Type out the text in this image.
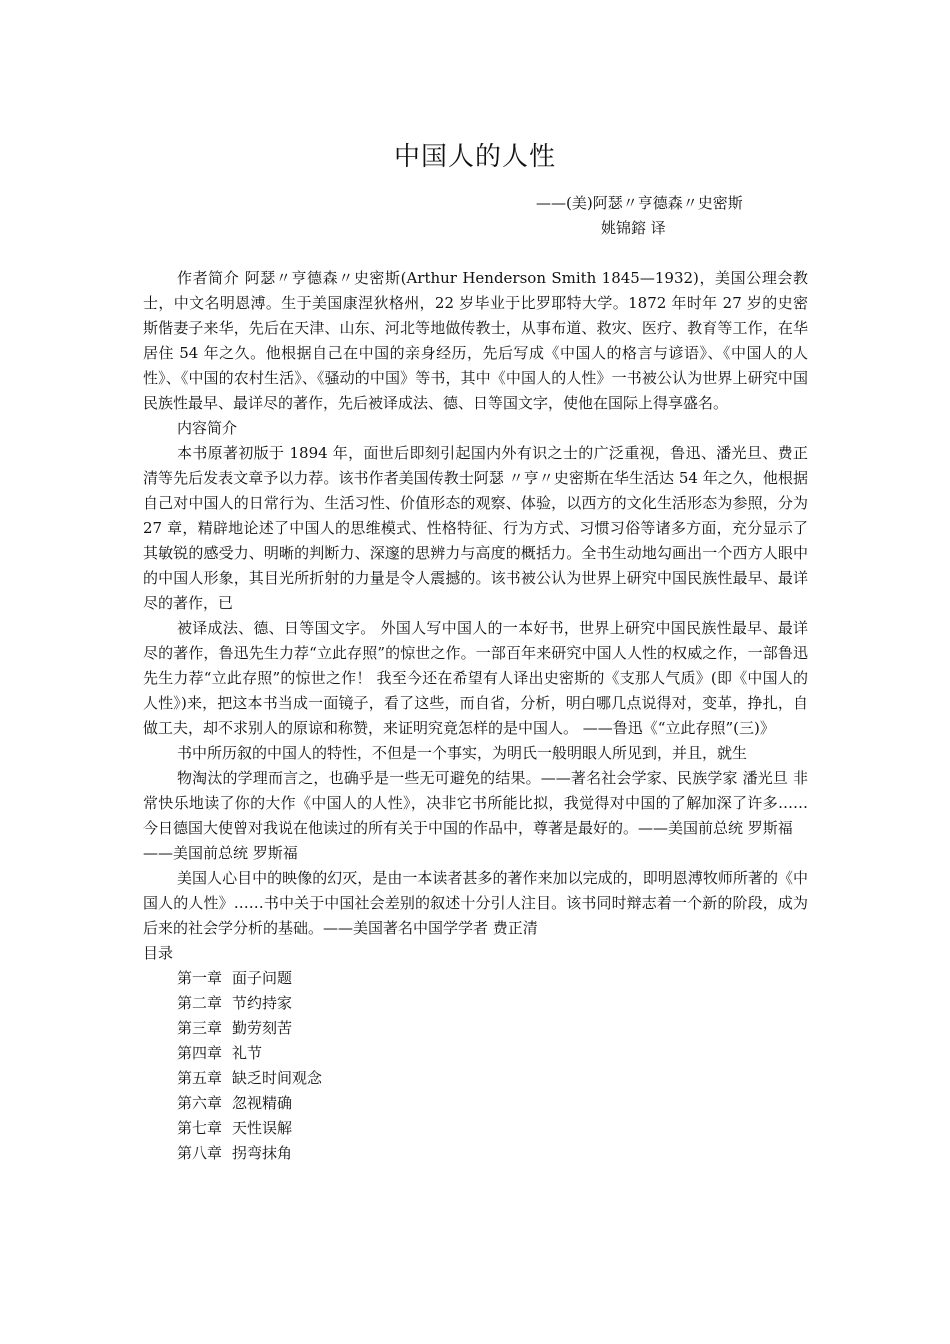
中国人的人性
——(美)阿瑟〃亨德森〃史密斯
姚锦鎔 译

作者简介 阿瑟〃亨德森〃史密斯(Arthur Henderson Smith 1845—1932)，美国公理会教士，中文名明恩溥。生于美国康涅狄格州，22 岁毕业于比罗耶特大学。1872 年时年 27 岁的史密斯偕妻子来华，先后在天津、山东、河北等地做传教士，从事布道、救灾、医疗、教育等工作，在华居住 54 年之久。他根据自己在中国的亲身经历，先后写成《中国人的格言与谚语》、《中国人的人性》、《中国的农村生活》、《骚动的中国》等书，其中《中国人的人性》一书被公认为世界上研究中国民族性最早、最详尽的著作，先后被译成法、德、日等国文字，使他在国际上得享盛名。

内容简介

本书原著初版于 1894 年，面世后即刻引起国内外有识之士的广泛重视，鲁迅、潘光旦、费正清等先后发表文章予以力荐。该书作者美国传教士阿瑟 〃亨〃史密斯在华生活达 54 年之久，他根据自己对中国人的日常行为、生活习性、价值形态的观察、体验，以西方的文化生活形态为参照，分为 27 章，精辟地论述了中国人的思维模式、性格特征、行为方式、习惯习俗等诸多方面，充分显示了其敏锐的感受力、明晰的判断力、深邃的思辨力与高度的概括力。全书生动地勾画出一个西方人眼中的中国人形象，其目光所折射的力量是令人震撼的。该书被公认为世界上研究中国民族性最早、最详尽的著作，已

被译成法、德、日等国文字。 外国人写中国人的一本好书，世界上研究中国民族性最早、最详尽的著作，鲁迅先生力荐“立此存照”的惊世之作。一部百年来研究中国人人性的权威之作，一部鲁迅先生力荐“立此存照”的惊世之作！ 我至今还在希望有人译出史密斯的《支那人气质》(即《中国人的人性》)来，把这本书当成一面镜子，看了这些，而自省，分析，明白哪几点说得对，变革，挣扎，自做工夫，却不求别人的原谅和称赞，来证明究竟怎样的是中国人。 ——鲁迅《“立此存照”(三)》

书中所历叙的中国人的特性，不但是一个事实，为明氏一般明眼人所见到，并且，就生

物淘汰的学理而言之，也确乎是一些无可避免的结果。——著名社会学家、民族学家 潘光旦 非常快乐地读了你的大作《中国人的人性》，决非它书所能比拟，我觉得对中国的了解加深了许多……今日德国大使曾对我说在他读过的所有关于中国的作品中，尊著是最好的。——美国前总统 罗斯福

——美国前总统 罗斯福

美国人心目中的映像的幻灭，是由一本读者甚多的著作来加以完成的，即明恩溥牧师所著的《中国人的人性》……书中关于中国社会差别的叙述十分引人注目。该书同时辩志着一个新的阶段，成为后来的社会学分析的基础。——美国著名中国学学者 费正清

目录
第一章 面子问题
第二章 节约持家
第三章 勤劳刻苦
第四章 礼节
第五章 缺乏时间观念
第六章 忽视精确
第七章 天性误解
第八章 拐弯抹角
